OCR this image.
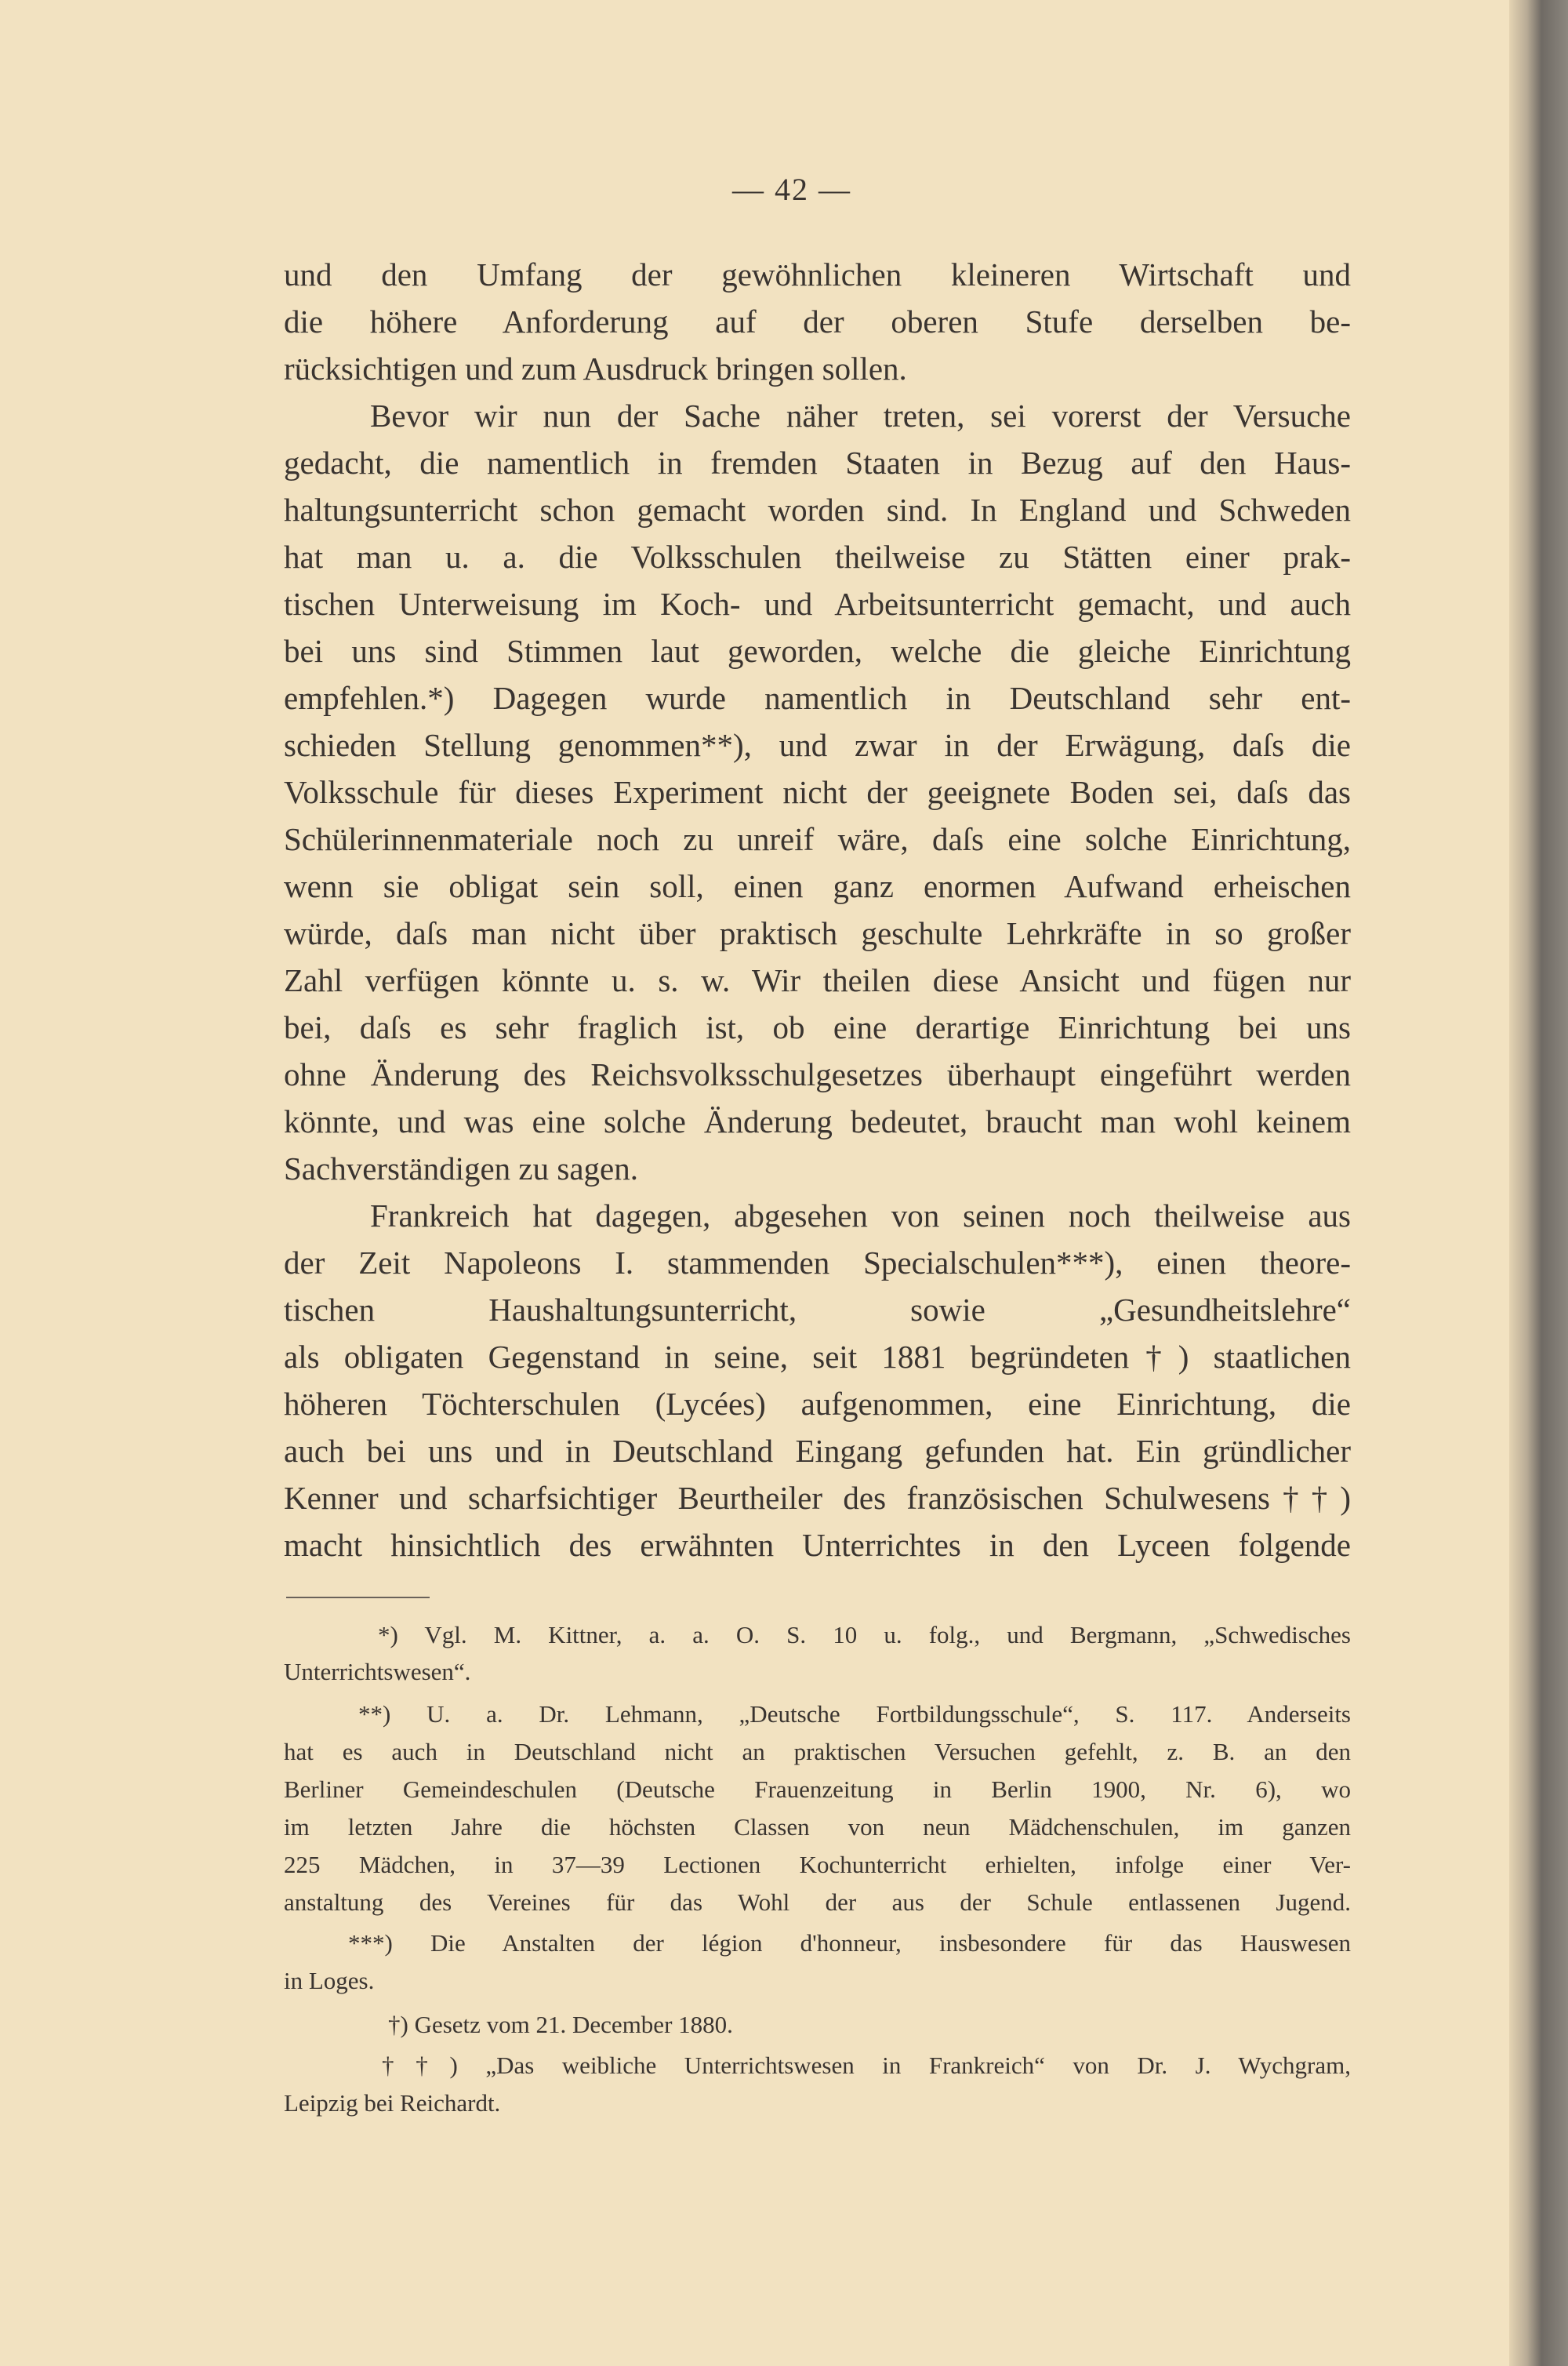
— 42 —
und den Umfang der gewöhnlichen kleineren Wirtschaft und
die höhere Anforderung auf der oberen Stufe derselben be-
rücksichtigen und zum Ausdruck bringen sollen.
Bevor wir nun der Sache näher treten, sei vorerst der Versuche
gedacht, die namentlich in fremden Staaten in Bezug auf den Haus-
haltungsunterricht schon gemacht worden sind. In England und Schweden
hat man u. a. die Volksschulen theilweise zu Stätten einer prak-
tischen Unterweisung im Koch- und Arbeitsunterricht gemacht, und auch
bei uns sind Stimmen laut geworden, welche die gleiche Einrichtung
empfehlen.*) Dagegen wurde namentlich in Deutschland sehr ent-
schieden Stellung genommen**), und zwar in der Erwägung, daſs die
Volksschule für dieses Experiment nicht der geeignete Boden sei, daſs das
Schülerinnenmateriale noch zu unreif wäre, daſs eine solche Einrichtung,
wenn sie obligat sein soll, einen ganz enormen Aufwand erheischen
würde, daſs man nicht über praktisch geschulte Lehrkräfte in so großer
Zahl verfügen könnte u. s. w. Wir theilen diese Ansicht und fügen nur
bei, daſs es sehr fraglich ist, ob eine derartige Einrichtung bei uns
ohne Änderung des Reichsvolksschulgesetzes überhaupt eingeführt werden
könnte, und was eine solche Änderung bedeutet, braucht man wohl keinem
Sachverständigen zu sagen.
Frankreich hat dagegen, abgesehen von seinen noch theilweise aus
der Zeit Napoleons I. stammenden Specialschulen***), einen theore-
tischen Haushaltungsunterricht, sowie „Gesundheitslehre“
als obligaten Gegenstand in seine, seit 1881 begründeten†) staatlichen
höheren Töchterschulen (Lycées) aufgenommen, eine Einrichtung, die
auch bei uns und in Deutschland Eingang gefunden hat. Ein gründlicher
Kenner und scharfsichtiger Beurtheiler des französischen Schulwesens††)
macht hinsichtlich des erwähnten Unterrichtes in den Lyceen folgende
*) Vgl. M. Kittner, a. a. O. S. 10 u. folg., und Bergmann, „Schwedisches
Unterrichtswesen“.
**) U. a. Dr. Lehmann, „Deutsche Fortbildungsschule“, S. 117. Anderseits
hat es auch in Deutschland nicht an praktischen Versuchen gefehlt, z. B. an den
Berliner Gemeindeschulen (Deutsche Frauenzeitung in Berlin 1900, Nr. 6), wo
im letzten Jahre die höchsten Classen von neun Mädchenschulen, im ganzen
225 Mädchen, in 37—39 Lectionen Kochunterricht erhielten, infolge einer Ver-
anstaltung des Vereines für das Wohl der aus der Schule entlassenen Jugend.
***) Die Anstalten der légion d'honneur, insbesondere für das Hauswesen
in Loges.
†) Gesetz vom 21. December 1880.
††) „Das weibliche Unterrichtswesen in Frankreich“ von Dr. J. Wychgram,
Leipzig bei Reichardt.
